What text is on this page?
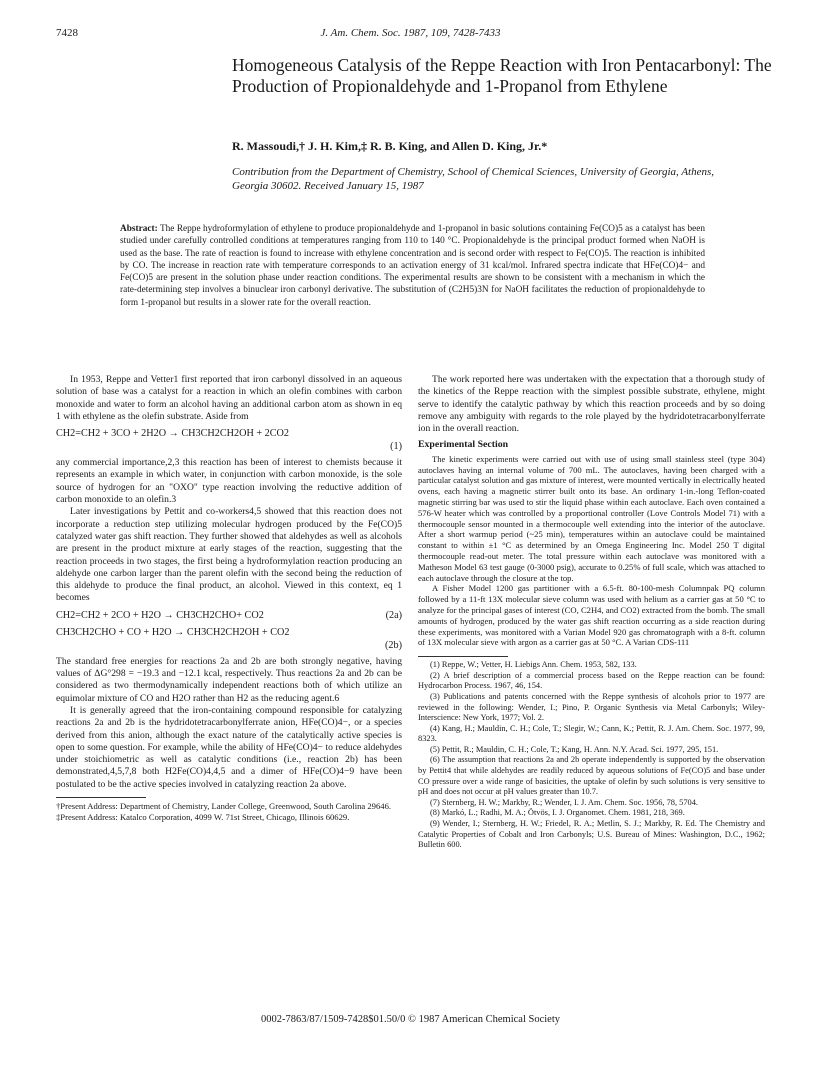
7428	J. Am. Chem. Soc. 1987, 109, 7428-7433
Homogeneous Catalysis of the Reppe Reaction with Iron Pentacarbonyl: The Production of Propionaldehyde and 1-Propanol from Ethylene
R. Massoudi,† J. H. Kim,‡ R. B. King, and Allen D. King, Jr.*
Contribution from the Department of Chemistry, School of Chemical Sciences, University of Georgia, Athens, Georgia 30602. Received January 15, 1987
Abstract: The Reppe hydroformylation of ethylene to produce propionaldehyde and 1-propanol in basic solutions containing Fe(CO)5 as a catalyst has been studied under carefully controlled conditions at temperatures ranging from 110 to 140 °C. Propionaldehyde is the principal product formed when NaOH is used as the base. The rate of reaction is found to increase with ethylene concentration and is second order with respect to Fe(CO)5. The reaction is inhibited by CO. The increase in reaction rate with temperature corresponds to an activation energy of 31 kcal/mol. Infrared spectra indicate that HFe(CO)4− and Fe(CO)5 are present in the solution phase under reaction conditions. The experimental results are shown to be consistent with a mechanism in which the rate-determining step involves a binuclear iron carbonyl derivative. The substitution of (C2H5)3N for NaOH facilitates the reduction of propionaldehyde to form 1-propanol but results in a slower rate for the overall reaction.

In 1953, Reppe and Vetter1 first reported that iron carbonyl dissolved in an aqueous solution of base was a catalyst for a reaction in which an olefin combines with carbon monoxide and water to form an alcohol having an additional carbon atom as shown in eq 1 with ethylene as the olefin substrate. Aside from

CH2=CH2 + 3CO + 2H2O → CH3CH2CH2OH + 2CO2
(1)

any commercial importance,2,3 this reaction has been of interest to chemists because it represents an example in which water, in conjunction with carbon monoxide, is the sole source of hydrogen for an "OXO" type reaction involving the reductive addition of carbon monoxide to an olefin.3

Later investigations by Pettit and co-workers4,5 showed that this reaction does not incorporate a reduction step utilizing molecular hydrogen produced by the Fe(CO)5 catalyzed water gas shift reaction. They further showed that aldehydes as well as alcohols are present in the product mixture at early stages of the reaction, suggesting that the reaction proceeds in two stages, the first being a hydroformylation reaction producing an aldehyde one carbon larger than the parent olefin with the second being the reduction of this aldehyde to produce the final product, an alcohol. Viewed in this context, eq 1 becomes

CH2=CH2 + 2CO + H2O → CH3CH2CHO+ CO2	(2a)
CH3CH2CHO + CO + H2O → CH3CH2CH2OH + CO2
(2b)

The standard free energies for reactions 2a and 2b are both strongly negative, having values of ΔG°298 = −19.3 and −12.1 kcal, respectively. Thus reactions 2a and 2b can be considered as two thermodynamically independent reactions both of which utilize an equimolar mixture of CO and H2O rather than H2 as the reducing agent.6

It is generally agreed that the iron-containing compound responsible for catalyzing reactions 2a and 2b is the hydridotetracarbonylferrate anion, HFe(CO)4−, or a species derived from this anion, although the exact nature of the catalytically active species is open to some question. For example, while the ability of HFe(CO)4− to reduce aldehydes under stoichiometric as well as catalytic conditions (i.e., reaction 2b) has been demonstrated,4,5,7,8 both H2Fe(CO)4,4,5 and a dimer of HFe(CO)4−9 have been postulated to be the active species involved in catalyzing reaction 2a above.

†Present Address: Department of Chemistry, Lander College, Greenwood, South Carolina 29646.
‡Present Address: Katalco Corporation, 4099 W. 71st Street, Chicago, Illinois 60629.

The work reported here was undertaken with the expectation that a thorough study of the kinetics of the Reppe reaction with the simplest possible substrate, ethylene, might serve to identify the catalytic pathway by which this reaction proceeds and by so doing remove any ambiguity with regards to the role played by the hydridotetracarbonylferrate ion in the overall reaction.

Experimental Section

The kinetic experiments were carried out with use of using small stainless steel (type 304) autoclaves having an internal volume of 700 mL. The autoclaves, having been charged with a particular catalyst solution and gas mixture of interest, were mounted vertically in electrically heated ovens, each having a magnetic stirrer built onto its base. An ordinary 1-in.-long Teflon-coated magnetic stirring bar was used to stir the liquid phase within each autoclave. Each oven contained a 576-W heater which was controlled by a proportional controller (Love Controls Model 71) with a thermocouple sensor mounted in a thermocouple well extending into the interior of the autoclave. After a short warmup period (~25 min), temperatures within an autoclave could be maintained constant to within ±1 °C as determined by an Omega Engineering Inc. Model 250 T digital thermocouple read-out meter. The total pressure within each autoclave was monitored with a Matheson Model 63 test gauge (0-3000 psig), accurate to 0.25% of full scale, which was attached to each autoclave through the closure at the top.

A Fisher Model 1200 gas partitioner with a 6.5-ft. 80-100-mesh Columnpak PQ column followed by a 11-ft 13X molecular sieve column was used with helium as a carrier gas at 50 °C to analyze for the principal gases of interest (CO, C2H4, and CO2) extracted from the bomb. The small amounts of hydrogen, produced by the water gas shift reaction occurring as a side reaction during these experiments, was monitored with a Varian Model 920 gas chromatograph with a 8-ft. column of 13X molecular sieve with argon as a carrier gas at 50 °C. A Varian CDS-111

(1) Reppe, W.; Vetter, H. Liebigs Ann. Chem. 1953, 582, 133.

(2) A brief description of a commercial process based on the Reppe reaction can be found: Hydrocarbon Process. 1967, 46, 154.

(3) Publications and patents concerned with the Reppe synthesis of alcohols prior to 1977 are reviewed in the following: Wender, I.; Pino, P. Organic Synthesis via Metal Carbonyls; Wiley-Interscience: New York, 1977; Vol. 2.

(4) Kang, H.; Mauldin, C. H.; Cole, T.; Slegir, W.; Cann, K.; Pettit, R. J. Am. Chem. Soc. 1977, 99, 8323.

(5) Pettit, R.; Mauldin, C. H.; Cole, T.; Kang, H. Ann. N.Y. Acad. Sci. 1977, 295, 151.

(6) The assumption that reactions 2a and 2b operate independently is supported by the observation by Pettit4 that while aldehydes are readily reduced by aqueous solutions of Fe(CO)5 and base under CO pressure over a wide range of basicities, the uptake of olefin by such solutions is very sensitive to pH and does not occur at pH values greater than 10.7.

(7) Sternberg, H. W.; Markby, R.; Wender, I. J. Am. Chem. Soc. 1956, 78, 5704.

(8) Markó, L.; Radhi, M. A.; Ötvös, I. J. Organomet. Chem. 1981, 218, 369.

(9) Wender, I.; Sternberg, H. W.; Friedel, R. A.; Metlin, S. J.; Markby, R. Ed. The Chemistry and Catalytic Properties of Cobalt and Iron Carbonyls; U.S. Bureau of Mines: Washington, D.C., 1962; Bulletin 600.

0002-7863/87/1509-7428$01.50/0 © 1987 American Chemical Society
